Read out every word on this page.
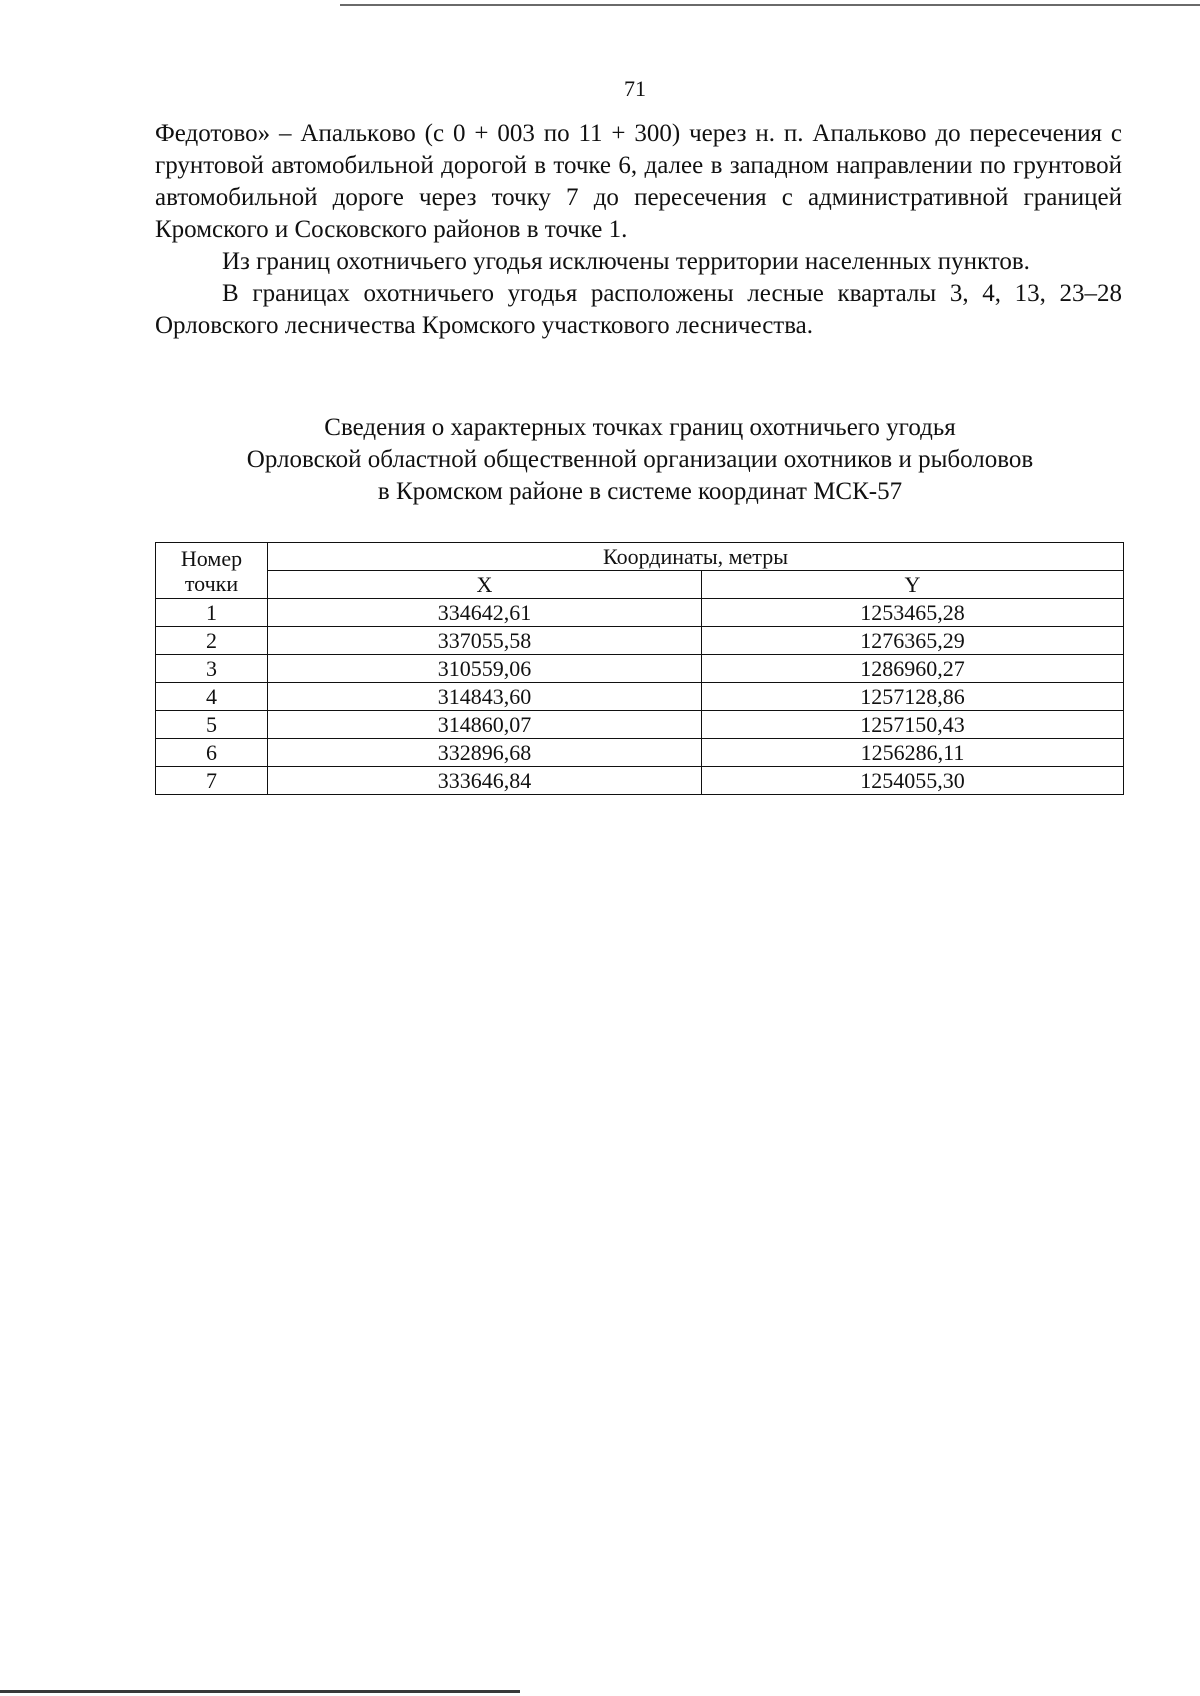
71

Федотово» – Апалькoво (с 0 + 003 по 11 + 300) через н. п. Апальково до пересечения с грунтовой автомобильной дорогой в точке 6, далее в западном направлении по грунтовой автомобильной дороге через точку 7 до пересечения с административной границей Кромского и Сосковского районов в точке 1.

Из границ охотничьего угодья исключены территории населенных пунктов.

В границах охотничьего угодья расположены лесные кварталы 3, 4, 13, 23–28 Орловского лесничества Кромского участкового лесничества.

Сведения о характерных точках границ охотничьего угодья
Орловской областной общественной организации охотников и рыболовов
в Кромском районе в системе координат МСК-57
Номер точки	Координаты, метры	
	X	Y
1	334642,61	1253465,28
2	337055,58	1276365,29
3	310559,06	1286960,27
4	314843,60	1257128,86
5	314860,07	1257150,43
6	332896,68	1256286,11
7	333646,84	1254055,30
